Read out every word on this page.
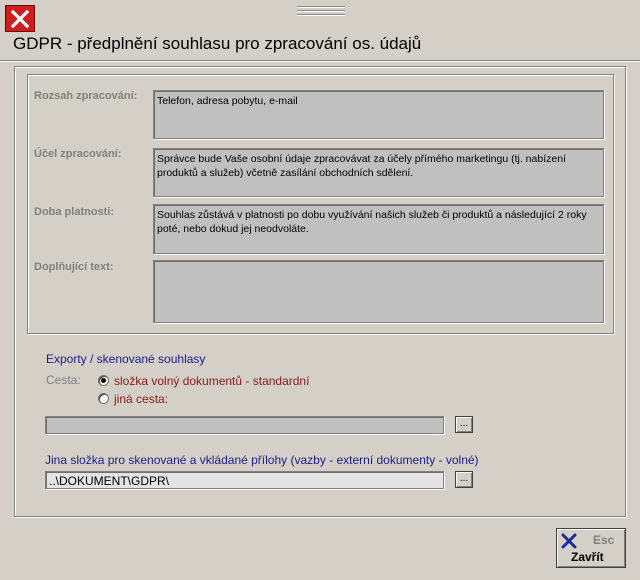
GDPR - předplnění souhlasu pro zpracování os. údajů
Rozsah zpracování:	Telefon, adresa pobytu, e-mail
Účel zpracování:	Správce bude Vaše osobní údaje zpracovávat za účely přímého marketingu (tj. nabízení produktů a služeb) včetně zasílání obchodních sdělení.
Doba platnosti:	Souhlas zůstává v platnosti po dobu využívání našich služeb či produktů a následující 2 roky poté, nebo dokud jej neodvoláte.
Doplňující text:
Exporty / skenované souhlasy
Cesta:	složka volný dokumentů - standardní
jiná cesta:
...
Jina složka pro skenované a vkládané přílohy (vazby - externí dokumenty - volné)
..\DOKUMENT\GDPR\	...
Esc
Zavřít
